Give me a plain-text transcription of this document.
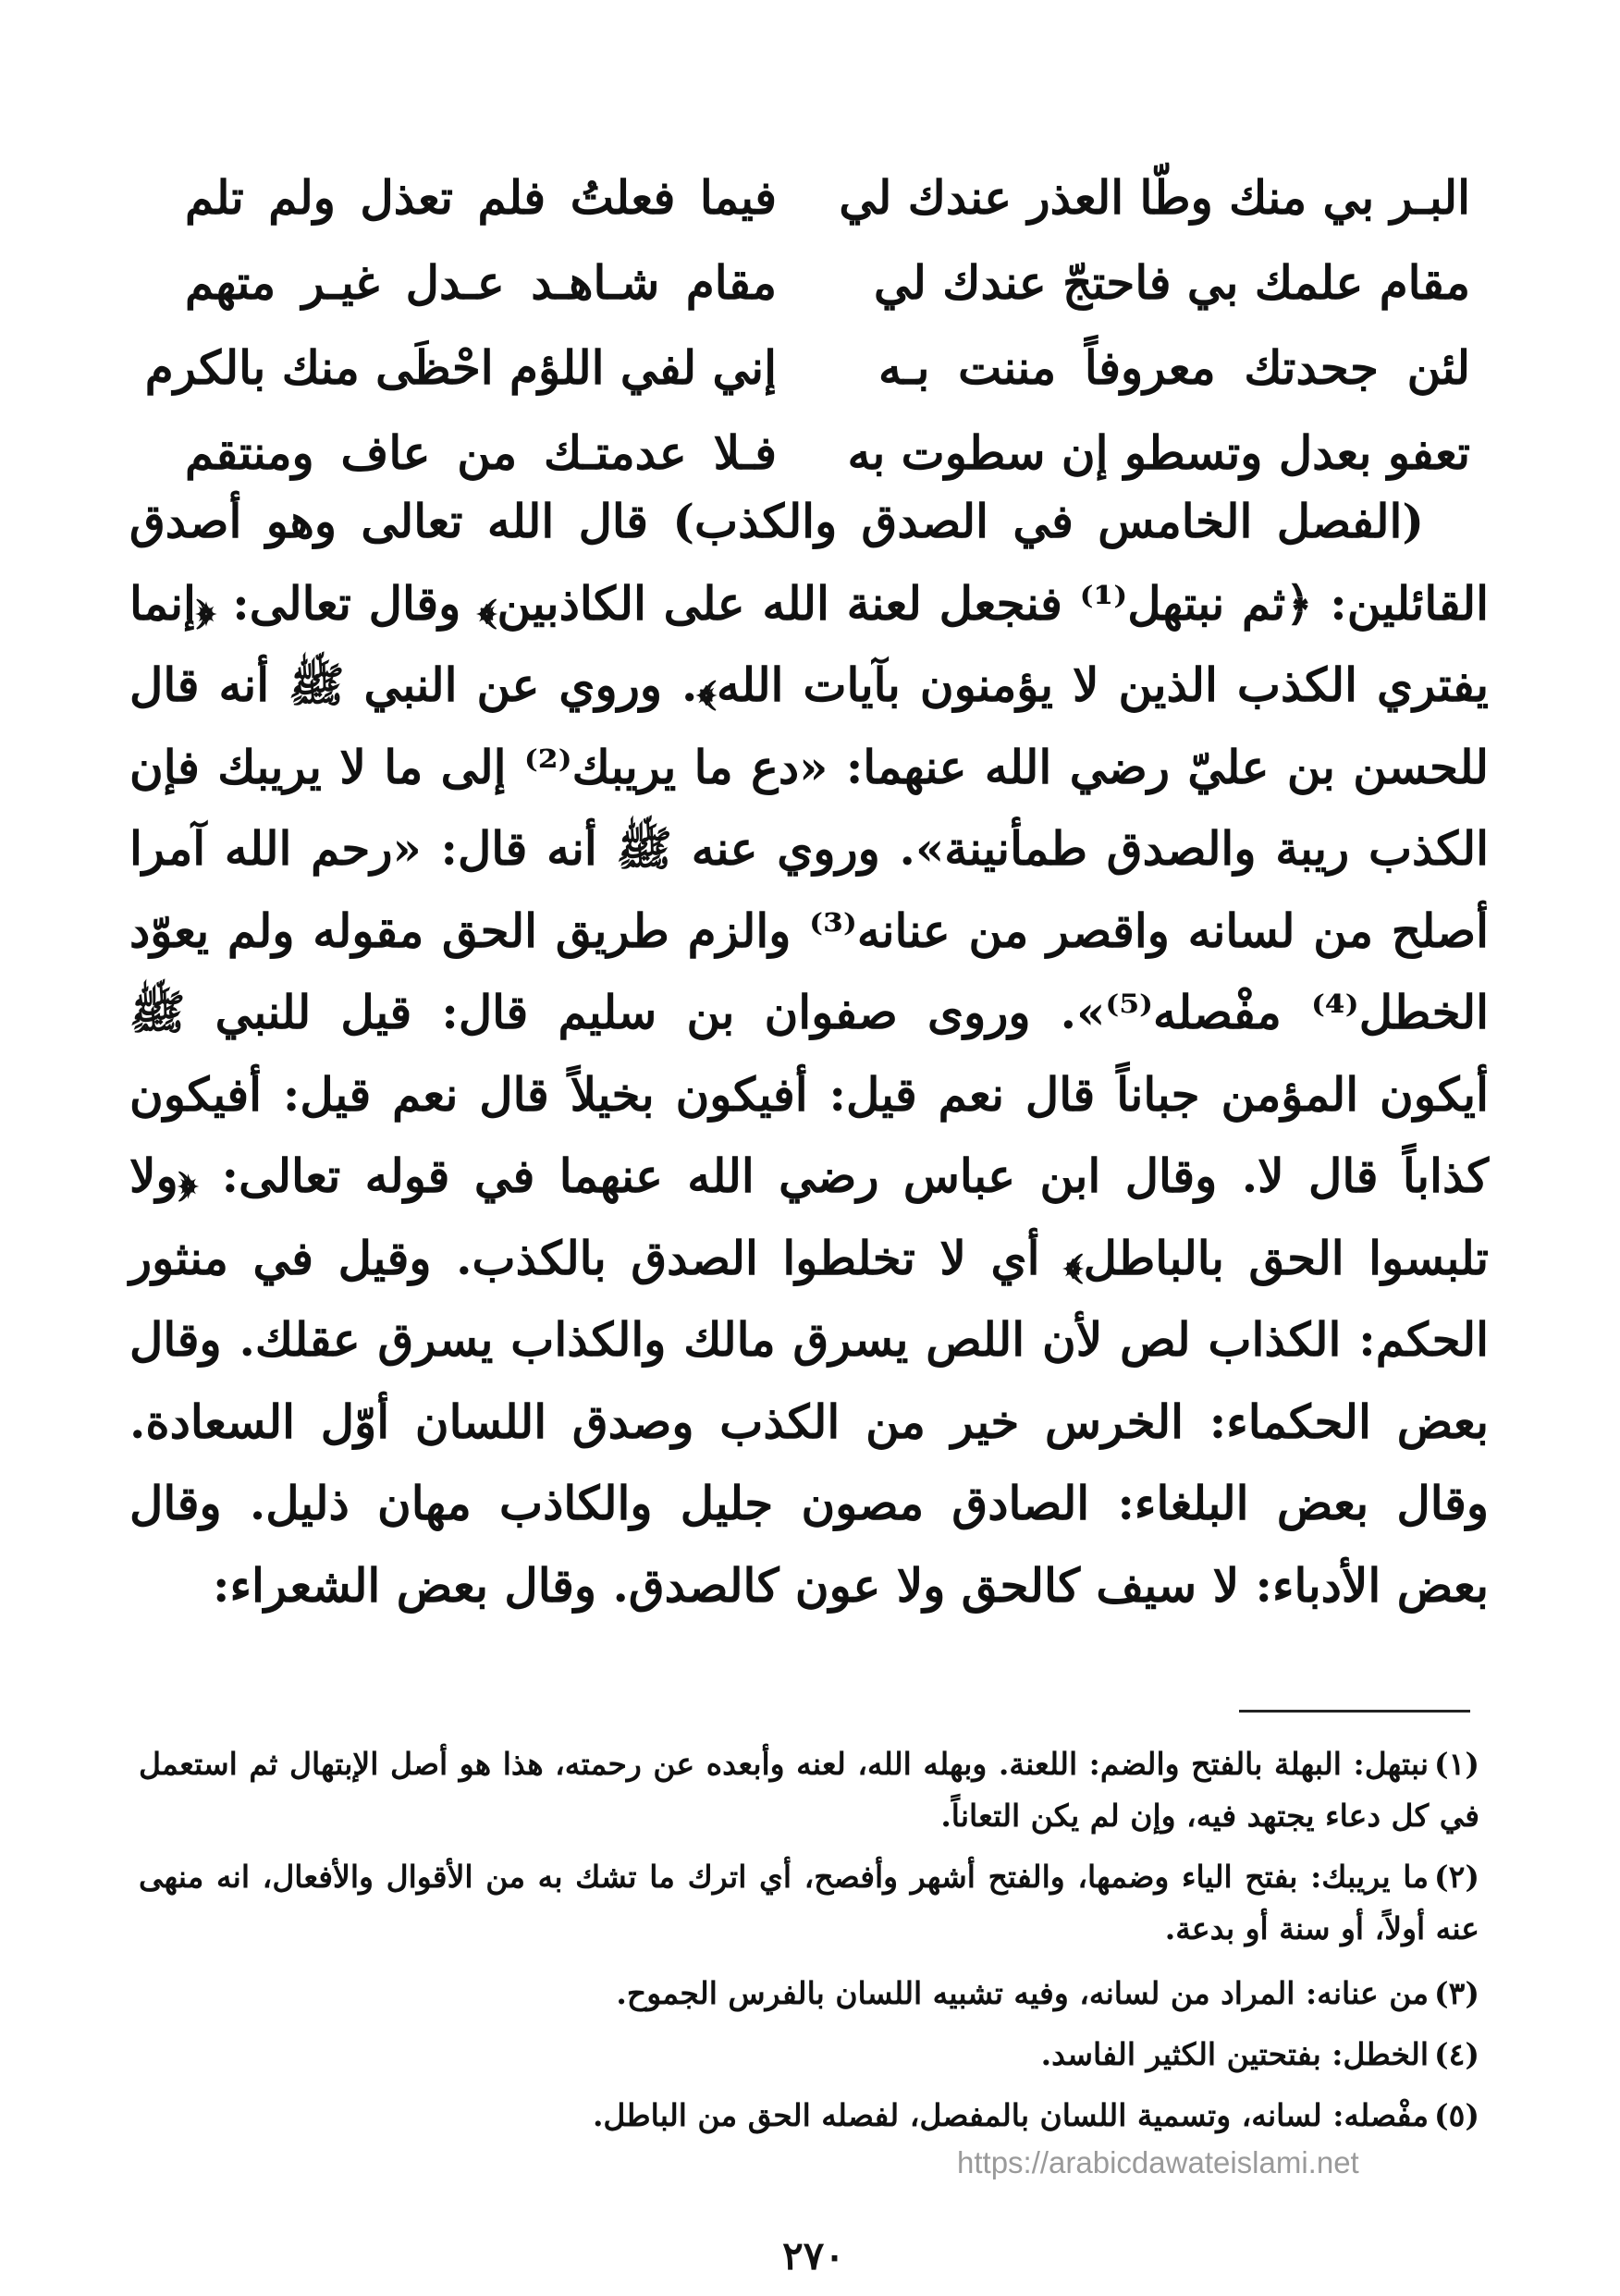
البـر بي منك وطّا العذر عندك لي
فيما فعلتُ فلم تعذل ولم تلم
مقام علمك بي فاحتجّ عندك لي
مقام شـاهـد عـدل غيـر متهم
لئن جحدتك معروفاً مننت بـه
إني لفي اللؤم احْظَى منك بالكرم
تعفو بعدل وتسطو إن سطوت به
فـلا عدمتـك من عاف ومنتقم

(الفصل الخامس في الصدق والكذب) قال الله تعالى وهو أصدق القائلين: ﴿ثم نبتهل⁽¹⁾ فنجعل لعنة الله على الكاذبين﴾ وقال تعالى: ﴿إنما يفتري الكذب الذين لا يؤمنون بآيات الله﴾. وروي عن النبي ﷺ أنه قال للحسن بن عليّ رضي الله عنهما: «دع ما يريبك⁽²⁾ إلى ما لا يريبك فإن الكذب ريبة والصدق طمأنينة». وروي عنه ﷺ أنه قال: «رحم الله آمرا أصلح من لسانه واقصر من عنانه⁽³⁾ والزم طريق الحق مقوله ولم يعوّد الخطل⁽⁴⁾ مفْصله⁽⁵⁾». وروى صفوان بن سليم قال: قيل للنبي ﷺ أيكون المؤمن جباناً قال نعم قيل: أفيكون بخيلاً قال نعم قيل: أفيكون كذاباً قال لا. وقال ابن عباس رضي الله عنهما في قوله تعالى: ﴿ولا تلبسوا الحق بالباطل﴾ أي لا تخلطوا الصدق بالكذب. وقيل في منثور الحكم: الكذاب لص لأن اللص يسرق مالك والكذاب يسرق عقلك. وقال بعض الحكماء: الخرس خير من الكذب وصدق اللسان أوّل السعادة. وقال بعض البلغاء: الصادق مصون جليل والكاذب مهان ذليل. وقال بعض الأدباء: لا سيف كالحق ولا عون كالصدق. وقال بعض الشعراء:

(١)نبتهل: البهلة بالفتح والضم: اللعنة. وبهله الله، لعنه وأبعده عن رحمته، هذا هو أصل الإبتهال ثم استعمل في كل دعاء يجتهد فيه، وإن لم يكن التعاناً.
(٢)ما يريبك: بفتح الياء وضمها، والفتح أشهر وأفصح، أي اترك ما تشك به من الأقوال والأفعال، انه منهى عنه أولاً، أو سنة أو بدعة.
(٣)من عنانه: المراد من لسانه، وفيه تشبيه اللسان بالفرس الجموح.
(٤)الخطل: بفتحتين الكثير الفاسد.
(٥)مفْصله: لسانه، وتسمية اللسان بالمفصل، لفصله الحق من الباطل.
https://arabicdawateislami.net
٢٧٠
